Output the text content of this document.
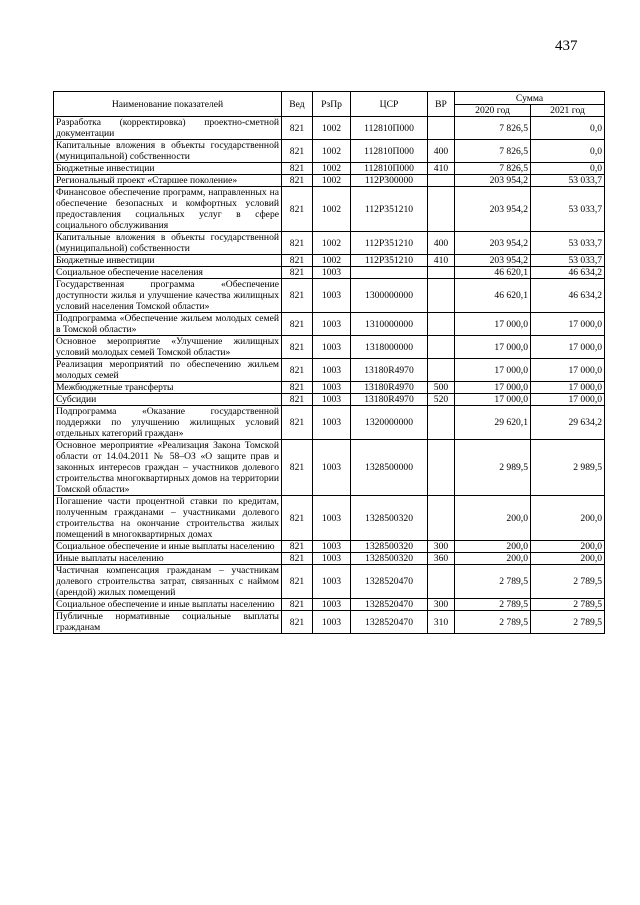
437
Наименование показателей	Вед	РзПр	ЦСР	ВР	Сумма	
					2020 год	2021 год
Разработка (корректировка) проектно-сметной документации	821	1002	112810П000		7 826,5	0,0
Капитальные вложения в объекты государственной (муниципальной) собственности	821	1002	112810П000	400	7 826,5	0,0
Бюджетные инвестиции	821	1002	112810П000	410	7 826,5	0,0
Региональный проект «Старшее поколение»	821	1002	112P300000		203 954,2	53 033,7
Финансовое обеспечение программ, направленных на обеспечение безопасных и комфортных условий предоставления социальных услуг в сфере социального обслуживания	821	1002	112P351210		203 954,2	53 033,7
Капитальные вложения в объекты государственной (муниципальной) собственности	821	1002	112P351210	400	203 954,2	53 033,7
Бюджетные инвестиции	821	1002	112P351210	410	203 954,2	53 033,7
Социальное обеспечение населения	821	1003			46 620,1	46 634,2
Государственная программа «Обеспечение доступности жилья и улучшение качества жилищных условий населения Томской области»	821	1003	1300000000		46 620,1	46 634,2
Подпрограмма «Обеспечение жильем молодых семей в Томской области»	821	1003	1310000000		17 000,0	17 000,0
Основное мероприятие «Улучшение жилищных условий молодых семей Томской области»	821	1003	1318000000		17 000,0	17 000,0
Реализация мероприятий по обеспечению жильем молодых семей	821	1003	13180R4970		17 000,0	17 000,0
Межбюджетные трансферты	821	1003	13180R4970	500	17 000,0	17 000,0
Субсидии	821	1003	13180R4970	520	17 000,0	17 000,0
Подпрограмма «Оказание государственной поддержки по улучшению жилищных условий отдельных категорий граждан»	821	1003	1320000000		29 620,1	29 634,2
Основное мероприятие «Реализация Закона Томской области от 14.04.2011 № 58–ОЗ «О защите прав и законных интересов граждан – участников долевого строительства многоквартирных домов на территории Томской области»	821	1003	1328500000		2 989,5	2 989,5
Погашение части процентной ставки по кредитам, полученным гражданами – участниками долевого строительства на окончание строительства жилых помещений в многоквартирных домах	821	1003	1328500320		200,0	200,0
Социальное обеспечение и иные выплаты населению	821	1003	1328500320	300	200,0	200,0
Иные выплаты населению	821	1003	1328500320	360	200,0	200,0
Частичная компенсация гражданам – участникам долевого строительства затрат, связанных с наймом (арендой) жилых помещений	821	1003	1328520470		2 789,5	2 789,5
Социальное обеспечение и иные выплаты населению	821	1003	1328520470	300	2 789,5	2 789,5
Публичные нормативные социальные выплаты гражданам	821	1003	1328520470	310	2 789,5	2 789,5
